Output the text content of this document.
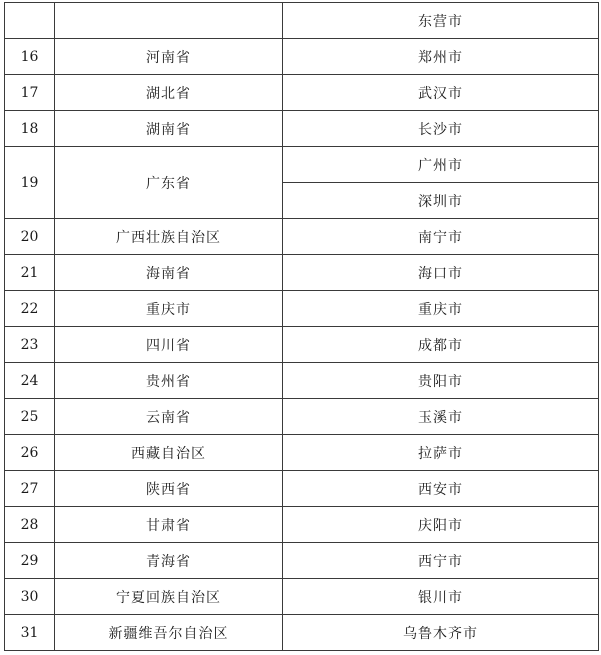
		东营市
16	河南省	郑州市
17	湖北省	武汉市
18	湖南省	长沙市
19	广东省	广州市
		深圳市
20	广西壮族自治区	南宁市
21	海南省	海口市
22	重庆市	重庆市
23	四川省	成都市
24	贵州省	贵阳市
25	云南省	玉溪市
26	西藏自治区	拉萨市
27	陕西省	西安市
28	甘肃省	庆阳市
29	青海省	西宁市
30	宁夏回族自治区	银川市
31	新疆维吾尔自治区	乌鲁木齐市
